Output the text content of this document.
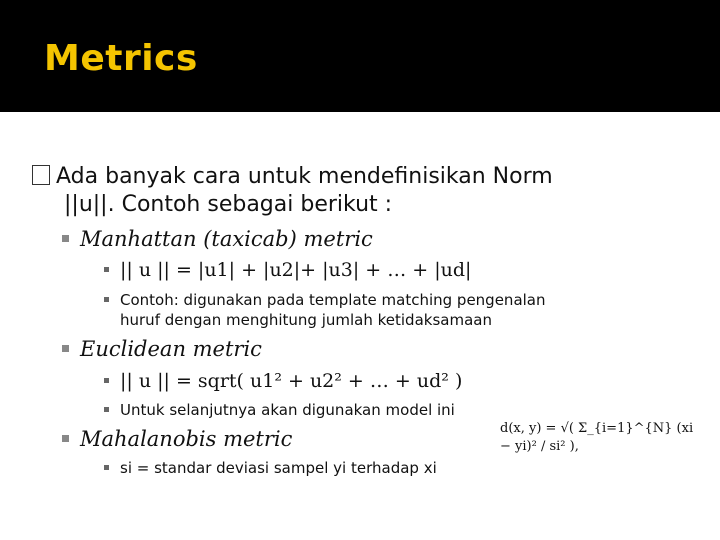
Metrics
Ada banyak cara untuk mendefinisikan Norm
||u||. Contoh sebagai berikut :
Manhattan (taxicab) metric
|| u || = |u1| + |u2|+ |u3| + … + |ud|
Contoh: digunakan pada template matching pengenalan
huruf dengan menghitung jumlah ketidaksamaan
Euclidean metric
|| u || = sqrt( u1² + u2² + … + ud² )
Untuk selanjutnya akan digunakan model ini
Mahalanobis metric
si = standar deviasi sampel yi terhadap xi
d(x, y) = √( Σ_{i=1}^{N} (xi − yi)² / si² ),
